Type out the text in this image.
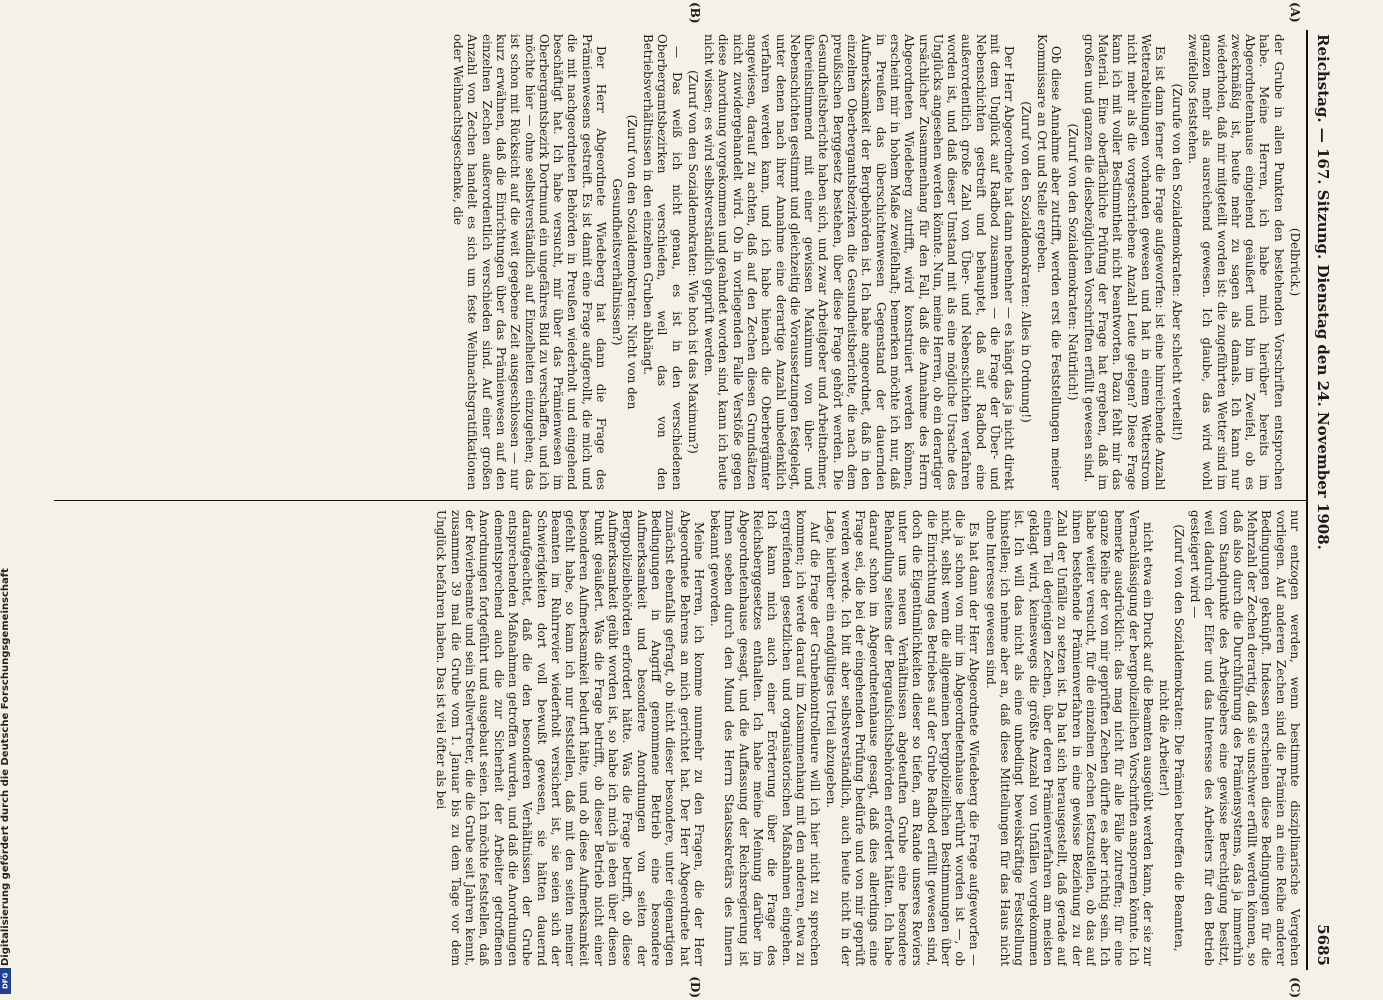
Digitalisierung gefördert durch die Deutsche Forschungsgemeinschaft
DFG
Reichstag. — 167. Sitzung. Dienstag den 24. November 1908.
5685
(A)
(B)
(C)
(D)

(Delbrück.)

der Grube in allen Punkten den bestehenden Vorschriften entsprochen habe. Meine Herren, ich habe mich hierüber bereits im Abgeordnetenhause eingehend geäußert und bin im Zweifel, ob es zweckmäßig ist, heute mehr zu sagen als damals. Ich kann nur wiederholen, daß mir mitgeteilt worden ist: die zugeführten Wetter sind im ganzen mehr als ausreichend gewesen. Ich glaube, das wird wohl zweifellos feststehen.

(Zurufe von den Sozialdemokraten: Aber schlecht verteilt!)

Es ist dann ferner die Frage aufgeworfen: ist eine hinreichende Anzahl Wetterabteilungen vorhanden gewesen und hat in einem Wetterstrom nicht mehr als die vorgeschriebene Anzahl Leute gelegen? Diese Frage kann ich mit voller Bestimmtheit nicht beantworten. Dazu fehlt mir das Material. Eine oberflächliche Prüfung der Frage hat ergeben, daß im großen und ganzen die diesbezüglichen Vorschriften erfüllt gewesen sind.

(Zuruf von den Sozialdemokraten: Natürlich!)

Ob diese Annahme aber zutrifft, werden erst die Feststellungen meiner Kommissare an Ort und Stelle ergeben.

(Zuruf von den Sozialdemokraten: Alles in Ordnung!)

Der Herr Abgeordnete hat dann nebenher — es hängt das ja nicht direkt mit dem Unglück auf Radbod zusammen — die Frage der Über- und Nebenschichten gestreift und behauptet, daß auf Radbod eine außerordentlich große Zahl von Über- und Nebenschichten verfahren worden ist, und daß dieser Umstand mit als eine mögliche Ursache des Unglücks angesehen werden könnte. Nun, meine Herren, ob ein derartiger ursächlicher Zusammenhang für den Fall, daß die Annahme des Herrn Abgeordneten Wiedeberg zutrifft, wird konstruiert werden können, erscheint mir in hohem Maße zweifelhaft; bemerken möchte ich nur, daß in Preußen das überschichtenwesen Gegenstand der dauernden Aufmerksamkeit der Bergbehörden ist. Ich habe angeordnet, daß in den einzelnen Oberbergamtsbezirken die Gesundheitsberichte, die nach dem preußischen Berggesetz bestehen, über diese Frage gehört werden. Die Gesundheitsberichte haben sich, und zwar Arbeitgeber und Arbeitnehmer, übereinstimmend mit einer gewissen Maximum von über- und Nebenschichten gestimmt und gleichzeitig die Voraussetzungen festgelegt, unter denen nach ihrer Annahme eine derartige Anzahl unbedenklich verfahren werden kann, und ich habe hienach die Oberbergämter angewiesen, darauf zu achten, daß auf den Zechen diesen Grundsätzen nicht zuwidergehandelt wird. Ob in vorliegenden Falle Verstöße gegen diese Anordnung vorgekommen und geahndet worden sind, kann ich heute nicht wissen; es wird selbstverständlich geprüft werden.

(Zuruf von den Sozialdemokraten: Wie hoch ist das Maximum?)

— Das weiß ich nicht genau, es ist in den verschiedenen Oberbergamtsbezirken verschieden, weil das von den Betriebsverhältnissen in den einzelnen Gruben abhängt.

(Zuruf von den Sozialdemokraten: Nicht von den Gesundheitsverhältnissen?)

Der Herr Abgeordnete Wiedeberg hat dann die Frage des Prämienwesens gestreift. Es ist damit eine Frage aufgerollt, die mich und die mit nachgeordneten Behörden in Preußen wiederholt und eingehend beschäftigt hat. Ich habe versucht, mir über das Prämienwesen im Oberbergamtsbezirk Dortmund ein ungefähres Bild zu verschaffen, und ich möchte hier — ohne selbstverständlich auf Einzelheiten einzugehen; das ist schon mit Rücksicht auf die weit gegebene Zeit ausgeschlossen — nur kurz erwähnen, daß die Einrichtungen über das Prämienwesen auf den einzelnen Zechen außerordentlich verschieden sind. Auf einer großen Anzahl von Zechen handelt es sich um feste Weihnachtsgratifikationen oder Weihnachtsgeschenke, die

nur entzogen werden, wenn bestimmte disziplinarische Vergehen vorliegen. Auf anderen Zechen sind die Prämien an eine Reihe anderer Bedingungen geknüpft. Indessen erscheinen diese Bedingungen für die Mehrzahl der Zechen derartig, daß sie unschwer erfüllt werden können, so daß also durch die Durchführung des Prämiensystems, das ja immerhin vom Standpunkte des Arbeitgebers eine gewisse Berechtigung besitzt, weil dadurch der Eifer und das Interesse des Arbeiters für den Betrieb gesteigert wird —

(Zuruf von den Sozialdemokraten: Die Prämien betreffen die Beamten, nicht die Arbeiter!)

nicht etwa ein Druck auf die Beamten ausgeübt werden kann, der sie zur Vernachlässigung der bergpolizeilichen Vorschriften anspornen könnte. Ich bemerke ausdrücklich: das mag nicht für alle Fälle zutreffen; für eine ganze Reihe der von mir geprüften Zechen dürfte es aber richtig sein. Ich habe weiter versucht, für die einzelnen Zechen festzustellen, ob das auf ihnen bestehende Prämienverfahren in eine gewisse Beziehung zu der Zahl der Unfälle zu setzen ist. Da hat sich herausgestellt, daß gerade auf einem Teil derjenigen Zechen, über deren Prämienverfahren am meisten geklagt wird, keineswegs die größte Anzahl von Unfällen vorgekommen ist. Ich will das nicht als eine unbedingt beweiskräftige Feststellung hinstellen; ich nehme aber an, daß diese Mitteilungen für das Haus nicht ohne Interesse gewesen sind.

Es hat dann der Herr Abgeordnete Wiedeberg die Frage aufgeworfen — die ja schon von mir im Abgeordnetenhause berührt worden ist —, ob nicht, selbst wenn die allgemeinen bergpolizeilichen Bestimmungen über die Einrichtung des Betriebes auf der Grube Radbod erfüllt gewesen sind, doch die Eigentümlichkeiten dieser so tiefen, am Rande unseres Reviers unter uns neuen Verhältnissen abgeteuften Grube eine besondere Behandlung seitens der Bergaufsichtsbehörden erfordert hätten. Ich habe darauf schon im Abgeordnetenhause gesagt, daß dies allerdings eine Frage sei, die bei der eingehenden Prüfung bedürfe und von mir geprüft werden werde. Ich bitt aber selbstverständlich, auch heute nicht in der Lage, hierüber ein endgültiges Urteil abzugeben.

Auf die Frage der Grubenkontrolleure will ich hier nicht zu sprechen kommen; ich werde darauf im Zusammenhang mit den anderen, etwa zu ergreifenden gesetzlichen und organisatorischen Maßnahmen eingehen. Ich kann mich auch einer Erörterung über die Frage des Reichsberggesetzes enthalten. Ich habe meine Meinung darüber im Abgeordnetenhause gesagt, und die Auffassung der Reichsregierung ist Ihnen soeben durch den Mund des Herrn Staatssekretärs des Innern bekannt geworden.

Meine Herren, ich komme nunmehr zu den Fragen, die der Herr Abgeordnete Behrens an mich gerichtet hat. Der Herr Abgeordnete hat zunächst ebenfalls gefragt, ob nicht dieser besondere, unter eigenartigen Bedingungen in Angriff genommene Betrieb eine besondere Aufmerksamkeit und besondere Anordnungen von seiten der Bergpolizeibehörden erfordert hätte. Was die Frage betrifft, ob diese Aufmerksamkeit geübt worden ist, so habe ich mich ja eben über diesen Punkt geäußert. Was die Frage betrifft, ob dieser Betrieb nicht einer besonderen Aufmerksamkeit bedurft hätte, und ob diese Aufmerksamkeit gefehlt habe, so kann ich nur feststellen, daß mit den seiten meiner Beamten im Ruhrrevier wiederholt versichert ist, sie seien sich der Schwierigkeiten dort voll bewußt gewesen, sie hätten dauernd daraufgeachtet, daß die den besonderen Verhältnissen der Grube entsprechenden Maßnahmen getroffen wurden, und daß die Anordnungen dementsprechend auch die zur Sicherheit der Arbeiter getroffenen Anordnungen fortgeführt und ausgebaut seien. Ich möchte feststellen, daß der Revierbeamte und sein Stellvertreter, die die Grube seit Jahren kennt, zusammen 39 mal die Grube vom 1. Januar bis zu dem Tage vor dem Unglück befahren haben. Das ist viel öfter als bei
